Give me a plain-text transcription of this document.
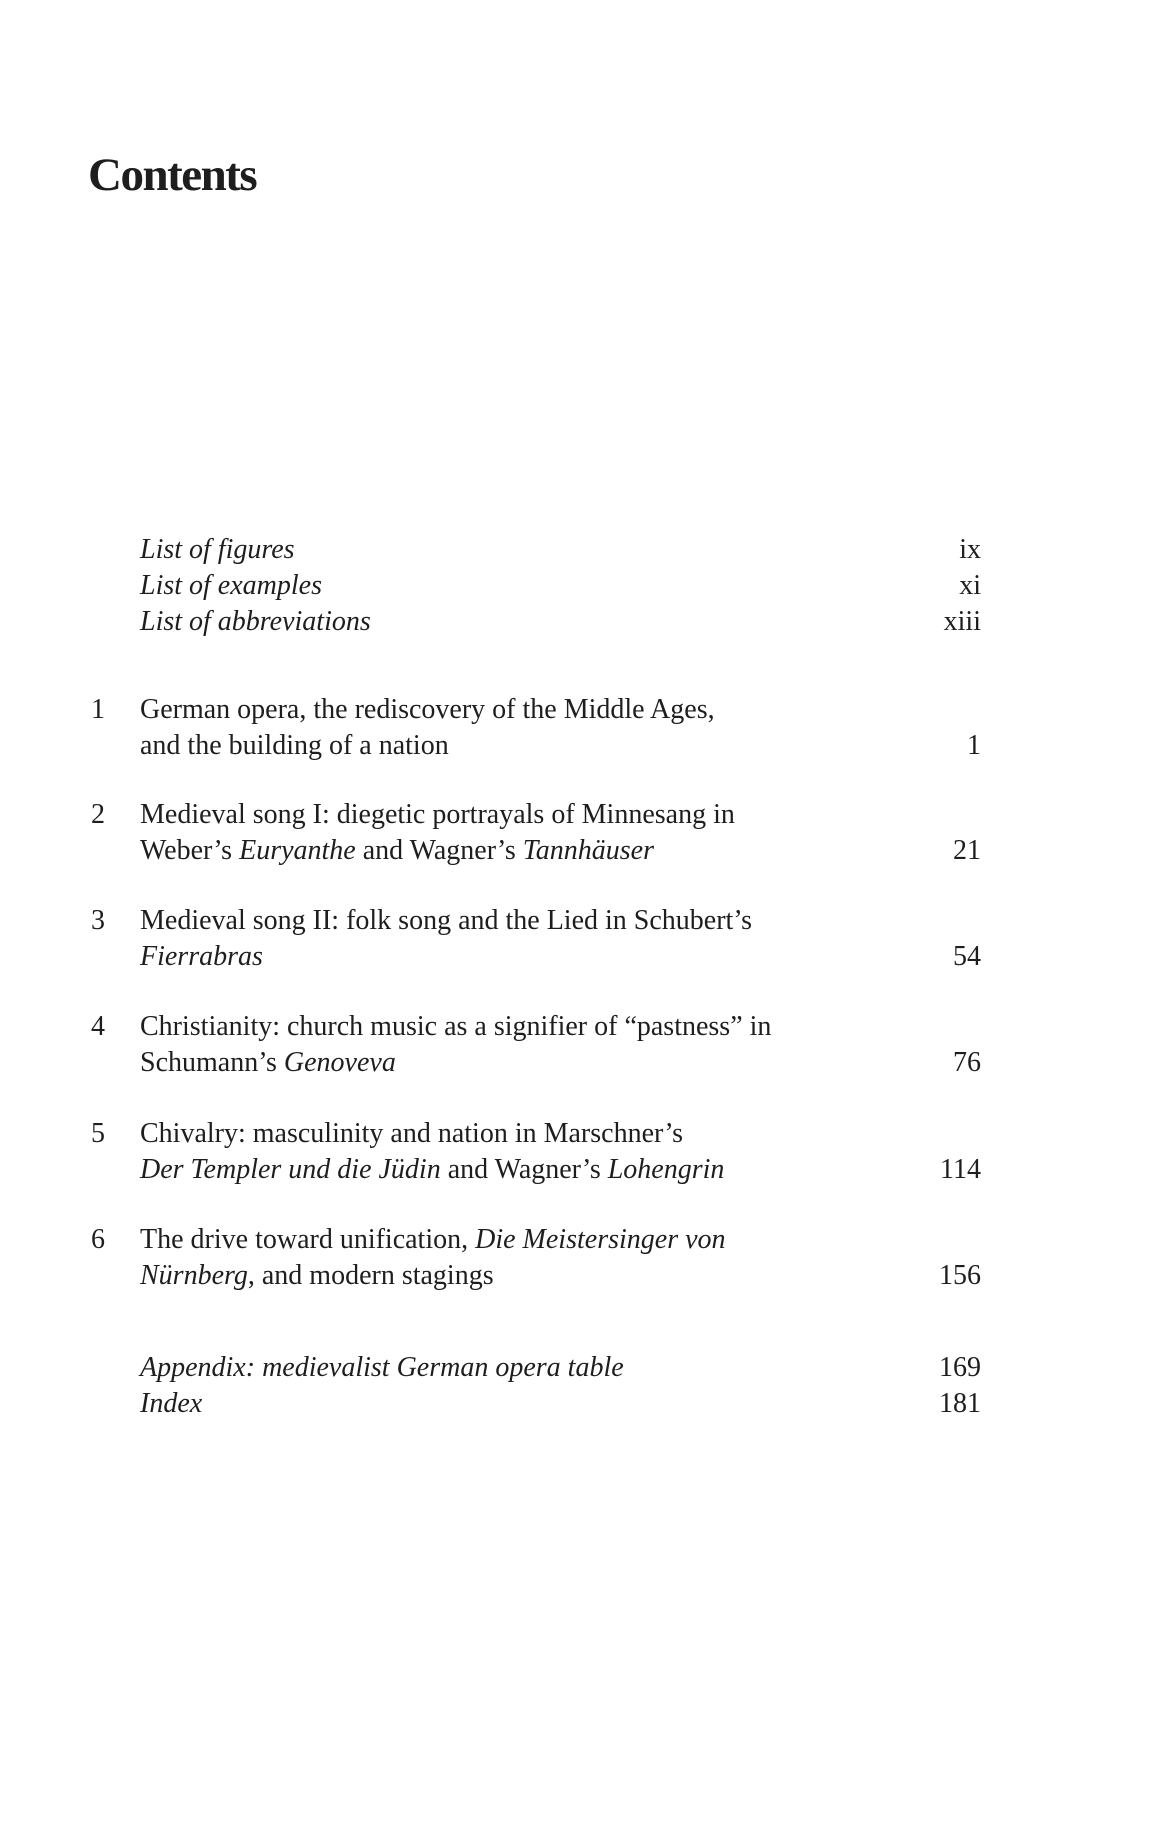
Contents
List of figures	ix
List of examples	xi
List of abbreviations	xiii
1 German opera, the rediscovery of the Middle Ages,
and the building of a nation	1
2 Medieval song I: diegetic portrayals of Minnesang in
Weber’s Euryanthe and Wagner’s Tannhäuser	21
3 Medieval song II: folk song and the Lied in Schubert’s
Fierrabras	54
4 Christianity: church music as a signifier of “pastness” in
Schumann’s Genoveva	76
5 Chivalry: masculinity and nation in Marschner’s
Der Templer und die Jüdin and Wagner’s Lohengrin	114
6 The drive toward unification, Die Meistersinger von
Nürnberg, and modern stagings	156
Appendix: medievalist German opera table	169
Index	181
